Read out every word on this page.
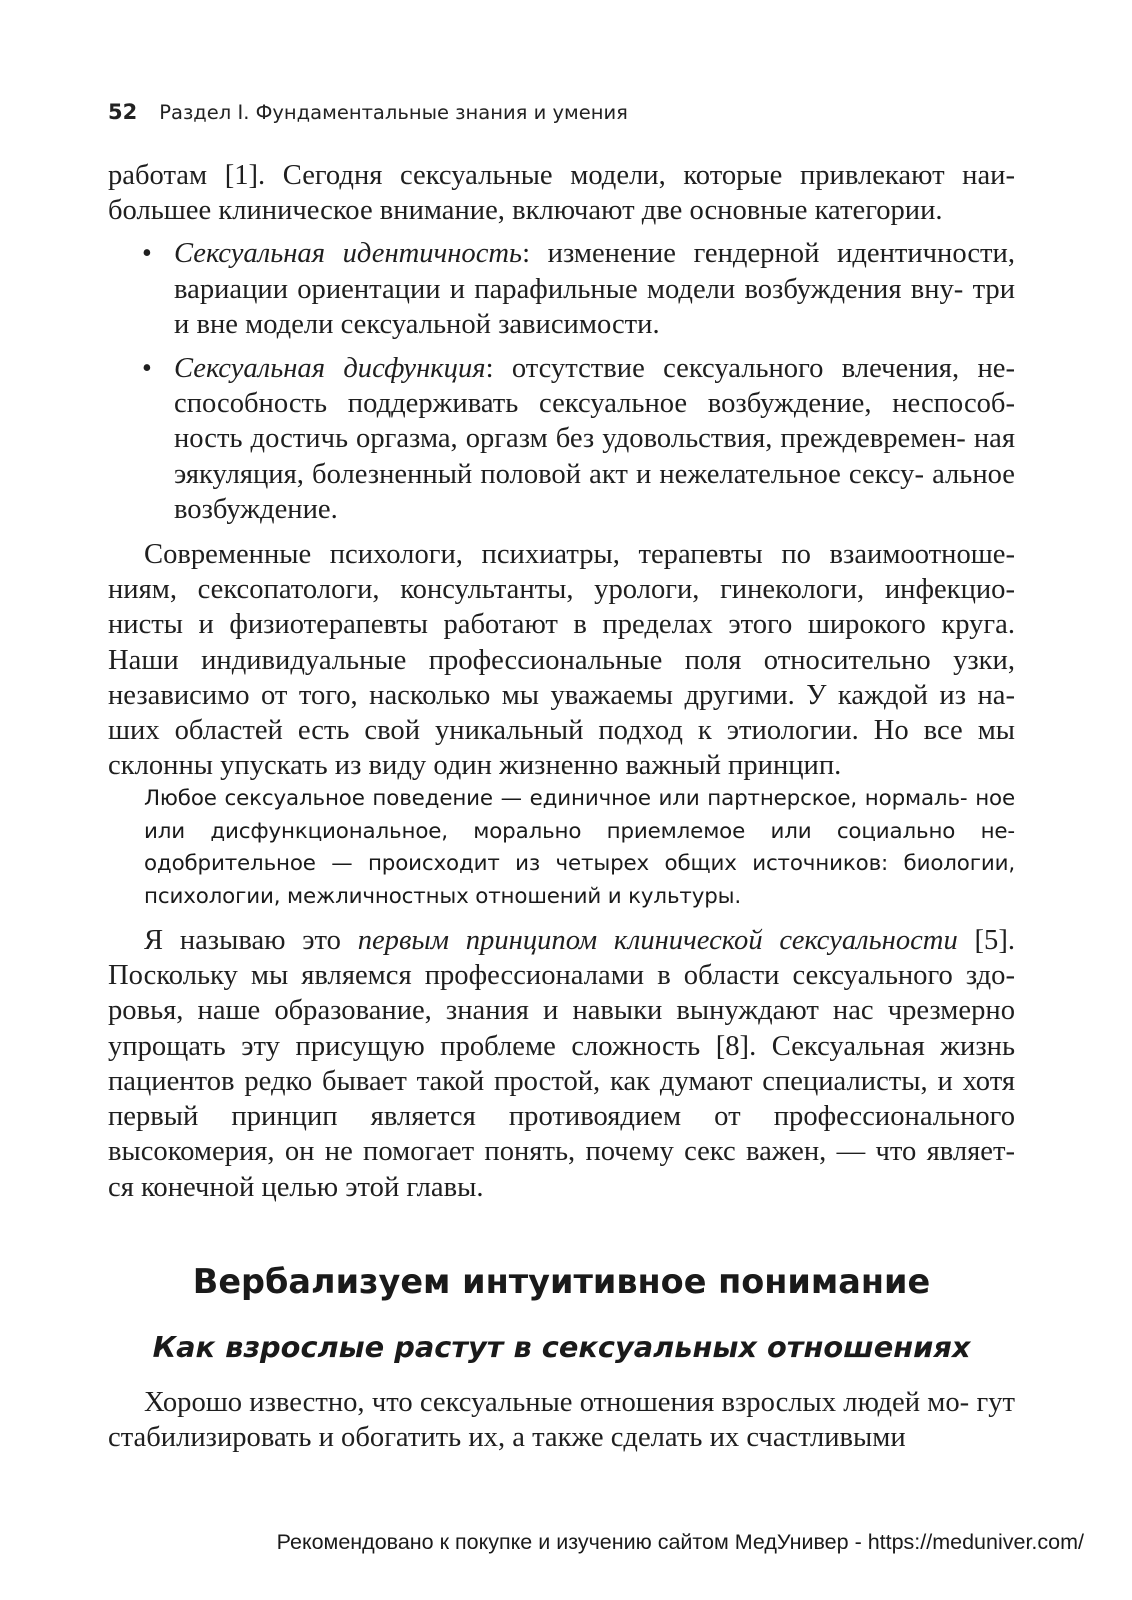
52 Раздел I. Фундаментальные знания и умения

работам [1]. Сегодня сексуальные модели, которые привлекают наи- большее клиническое внимание, включают две основные категории.

• Сексуальная идентичность: изменение гендерной идентичности, вариации ориентации и парафильные модели возбуждения вну- три и вне модели сексуальной зависимости.
• Сексуальная дисфункция: отсутствие сексуального влечения, не- способность поддерживать сексуальное возбуждение, неспособ- ность достичь оргазма, оргазм без удовольствия, преждевремен- ная эякуляция, болезненный половой акт и нежелательное сексу- альное возбуждение.

Современные психологи, психиатры, терапевты по взаимоотноше- ниям, сексопатологи, консультанты, урологи, гинекологи, инфекцио- нисты и физиотерапевты работают в пределах этого широкого круга. Наши индивидуальные профессиональные поля относительно узки, независимо от того, насколько мы уважаемы другими. У каждой из на- ших областей есть свой уникальный подход к этиологии. Но все мы склонны упускать из виду один жизненно важный принцип.

Любое сексуальное поведение — единичное или партнерское, нормаль- ное или дисфункциональное, морально приемлемое или социально не- одобрительное — происходит из четырех общих источников: биологии, психологии, межличностных отношений и культуры.

Я называю это первым принципом клинической сексуальности [5]. Поскольку мы являемся профессионалами в области сексуального здо- ровья, наше образование, знания и навыки вынуждают нас чрезмерно упрощать эту присущую проблеме сложность [8]. Сексуальная жизнь пациентов редко бывает такой простой, как думают специалисты, и хотя первый принцип является противоядием от профессионального высокомерия, он не помогает понять, почему секс важен, — что являет- ся конечной целью этой главы.

Вербализуем интуитивное понимание
Как взрослые растут в сексуальных отношениях

Хорошо известно, что сексуальные отношения взрослых людей мо- гут стабилизировать и обогатить их, а также сделать их счастливыми

Рекомендовано к покупке и изучению сайтом МедУнивер - https://meduniver.com/
